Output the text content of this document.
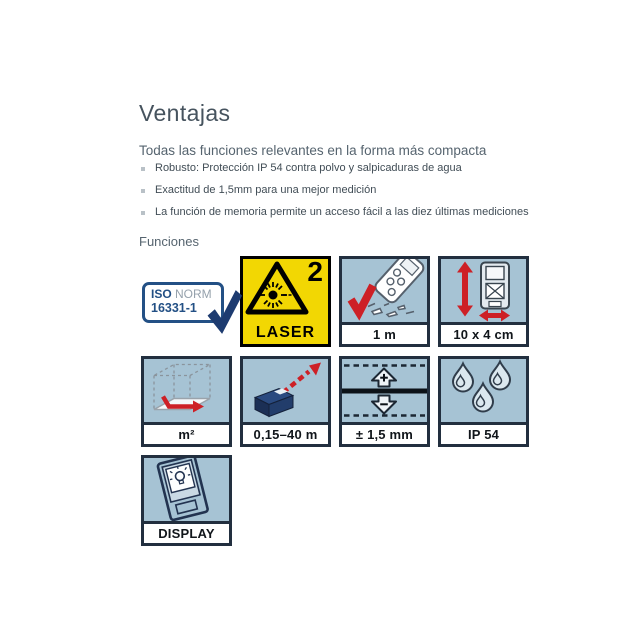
Ventajas
Todas las funciones relevantes en la forma más compacta
Robusto: Protección IP 54 contra polvo y salpicaduras de agua
Exactitud de 1,5mm para una mejor medición
La función de memoria permite un acceso fácil a las diez últimas mediciones
Funciones
ISO NORM
16331-1
2
LASER	1 m	10 x 4 cm
m²	0,15–40 m	± 1,5 mm	IP 54
DISPLAY
